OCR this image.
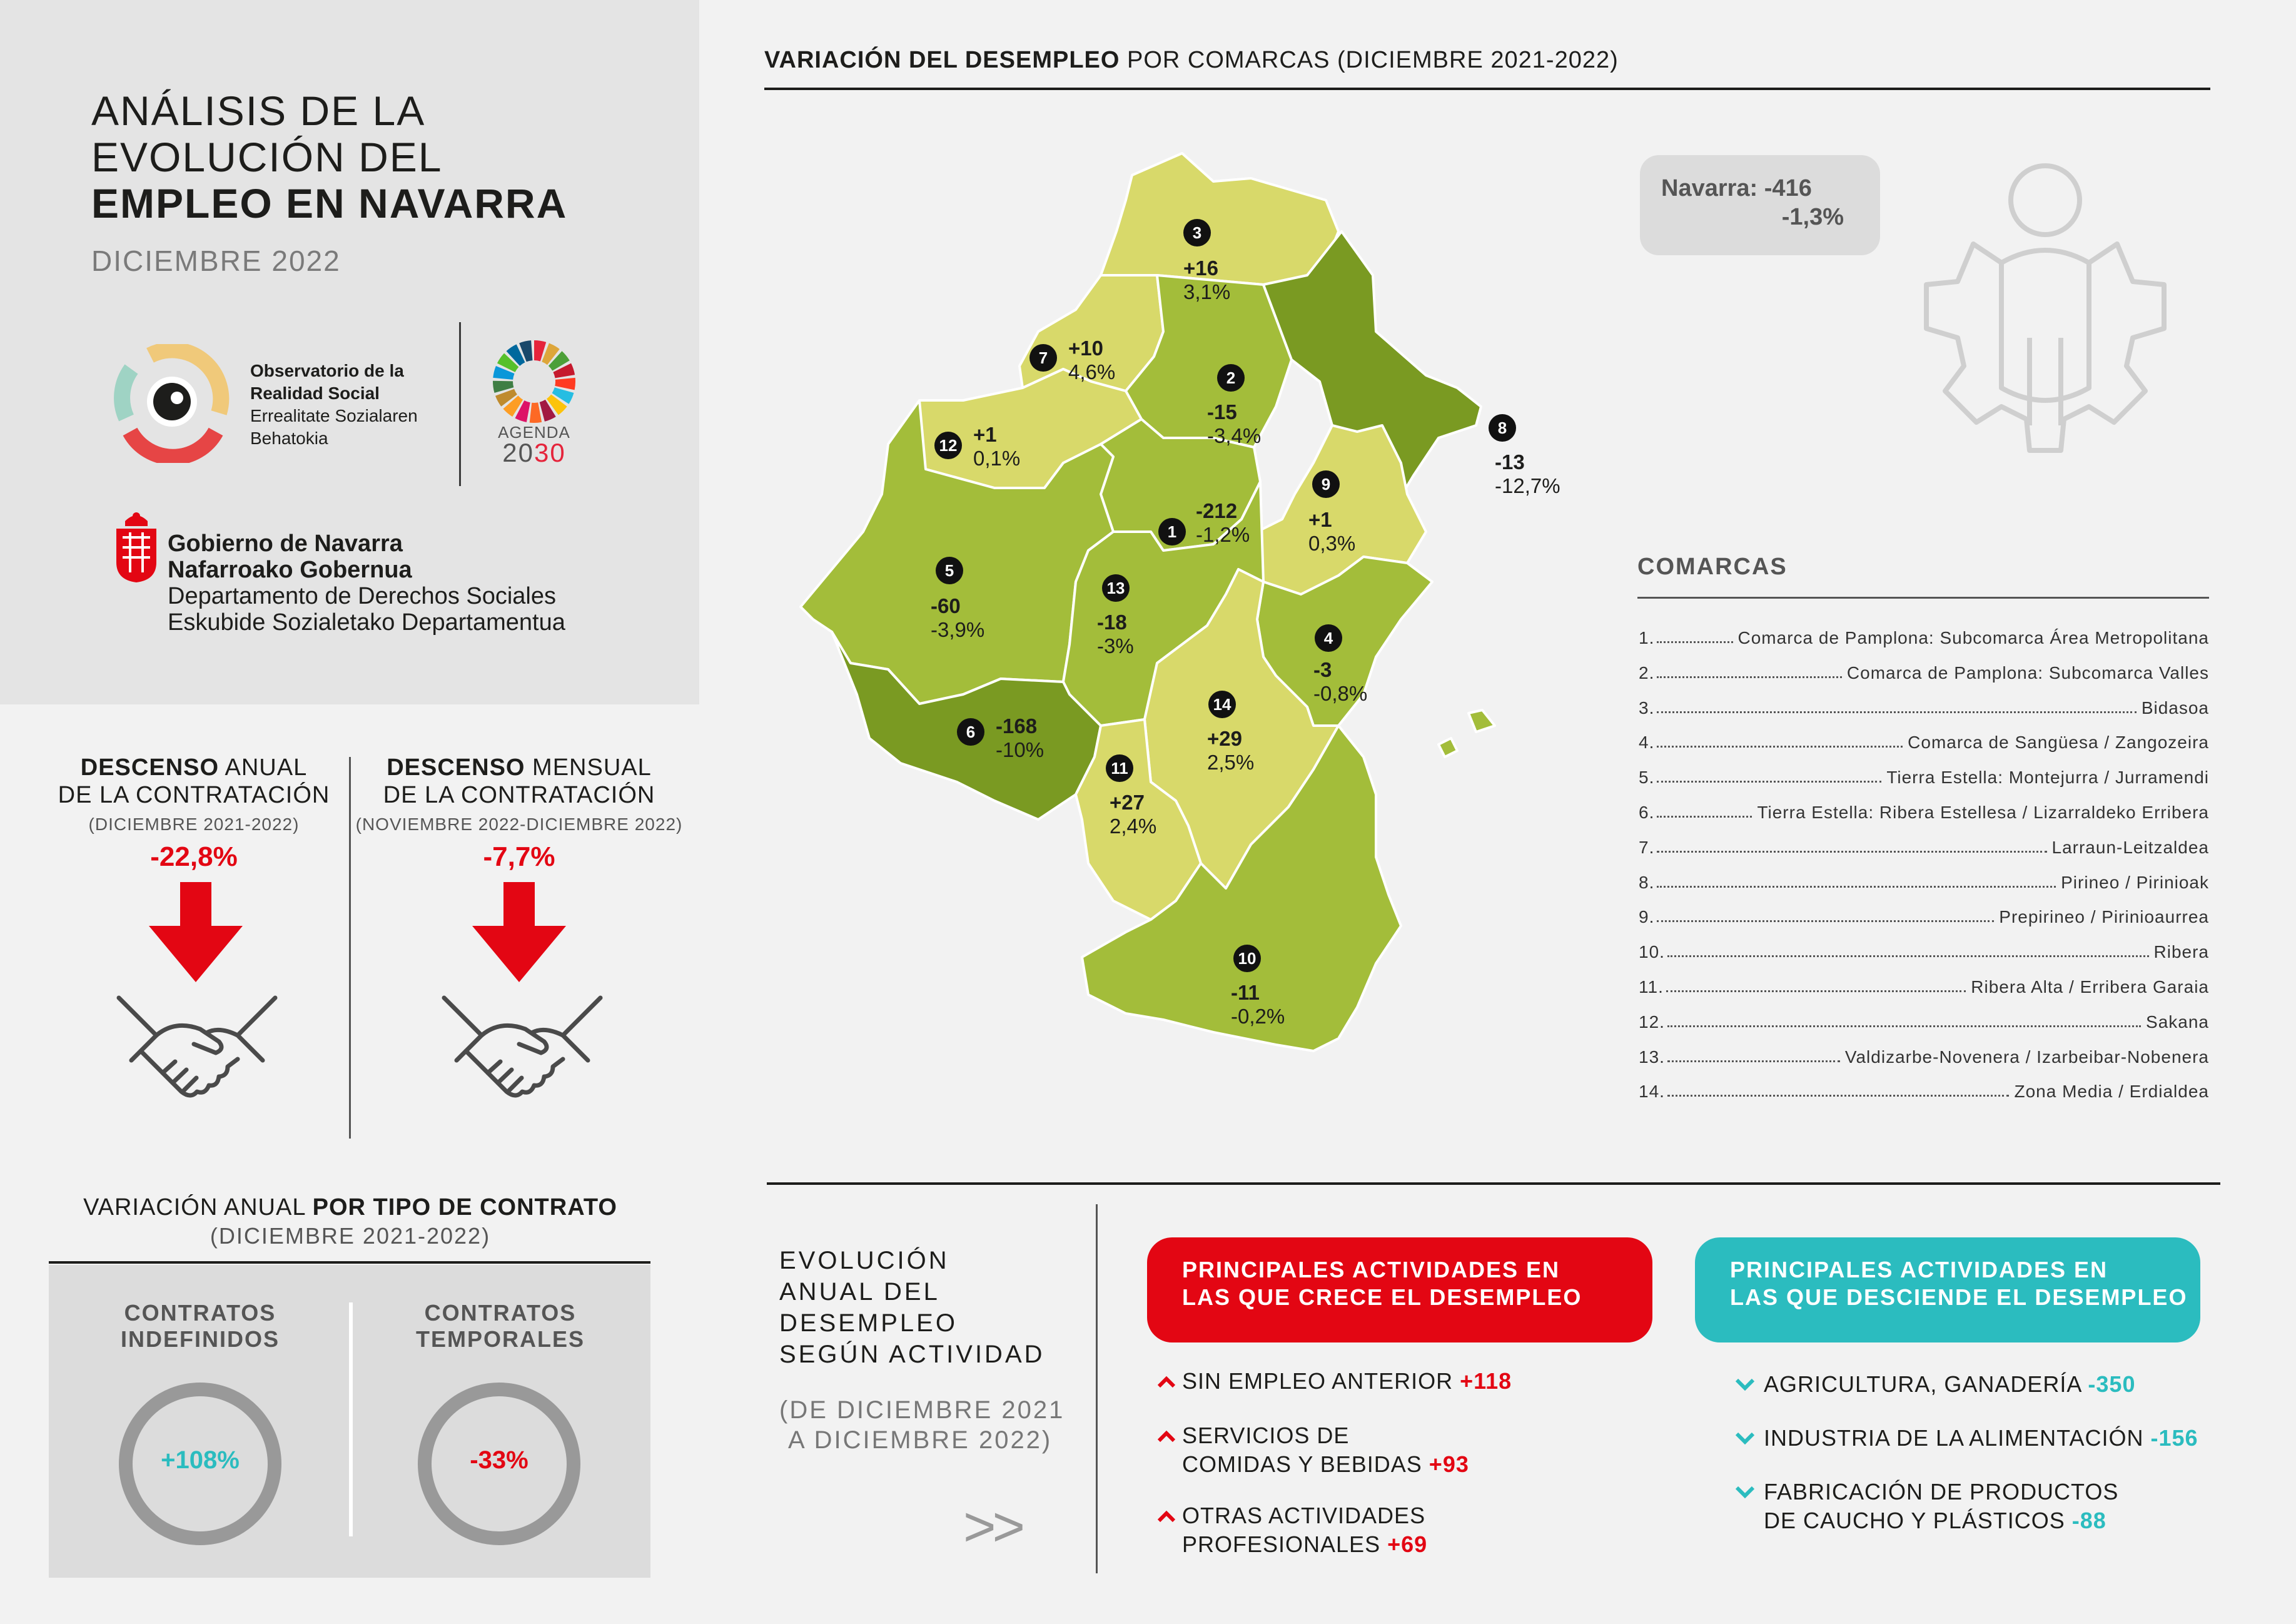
ANÁLISIS DE LA
EVOLUCIÓN DEL
EMPLEO EN NAVARRA
DICIEMBRE 2022
Observatorio de la
Realidad Social
Errealitate Sozialaren
Behatokia	AGENDA
2030
Gobierno de Navarra
Nafarroako Gobernua
Departamento de Derechos Sociales
Eskubide Sozialetako Departamentua
DESCENSO ANUAL
DE LA CONTRATACIÓN
(DICIEMBRE 2021-2022)
-22,8%
DESCENSO MENSUAL
DE LA CONTRATACIÓN
(NOVIEMBRE 2022-DICIEMBRE 2022)
-7,7%
VARIACIÓN ANUAL POR TIPO DE CONTRATO
(DICIEMBRE 2021-2022)
CONTRATOS
INDEFINIDOS
CONTRATOS
TEMPORALES
+108%	-33%
VARIACIÓN DEL DESEMPLEO POR COMARCAS (DICIEMBRE 2021-2022)
1
-212
-1,2%
2
-15
-3,4%
3
+16
3,1%
4
-3
-0,8%
5
-60
-3,9%
6 -168
-10%
7 +10
4,6%
8
-13
-12,7%
9
+1
0,3%
10
-11
-0,2%
11
+27
2,4%
12 +1
0,1%
13
-18
-3%
14
+29
2,5%
Navarra: -416
-1,3%
COMARCAS
1.	Comarca de Pamplona: Subcomarca Área Metropolitana
2.	Comarca de Pamplona: Subcomarca Valles
3.	Bidasoa
4.	Comarca de Sangüesa / Zangozeira
5.	Tierra Estella: Montejurra / Jurramendi
6.	Tierra Estella: Ribera Estellesa / Lizarraldeko Erribera
7.	Larraun-Leitzaldea
8.	Pirineo / Pirinioak
9.	Prepirineo / Pirinioaurrea
10.	Ribera
11.	Ribera Alta / Erribera Garaia
12.	Sakana
13.	Valdizarbe-Novenera / Izarbeibar-Nobenera
14.	Zona Media / Erdialdea
EVOLUCIÓN
ANUAL DEL
DESEMPLEO
SEGÚN ACTIVIDAD
(DE DICIEMBRE 2021
A DICIEMBRE 2022)
>>
PRINCIPALES ACTIVIDADES EN
LAS QUE CRECE EL DESEMPLEO
PRINCIPALES ACTIVIDADES EN
LAS QUE DESCIENDE EL DESEMPLEO
SIN EMPLEO ANTERIOR +118
SERVICIOS DE
COMIDAS Y BEBIDAS +93
OTRAS ACTIVIDADES
PROFESIONALES +69
AGRICULTURA, GANADERÍA -350
INDUSTRIA DE LA ALIMENTACIÓN -156
FABRICACIÓN DE PRODUCTOS
DE CAUCHO Y PLÁSTICOS -88
